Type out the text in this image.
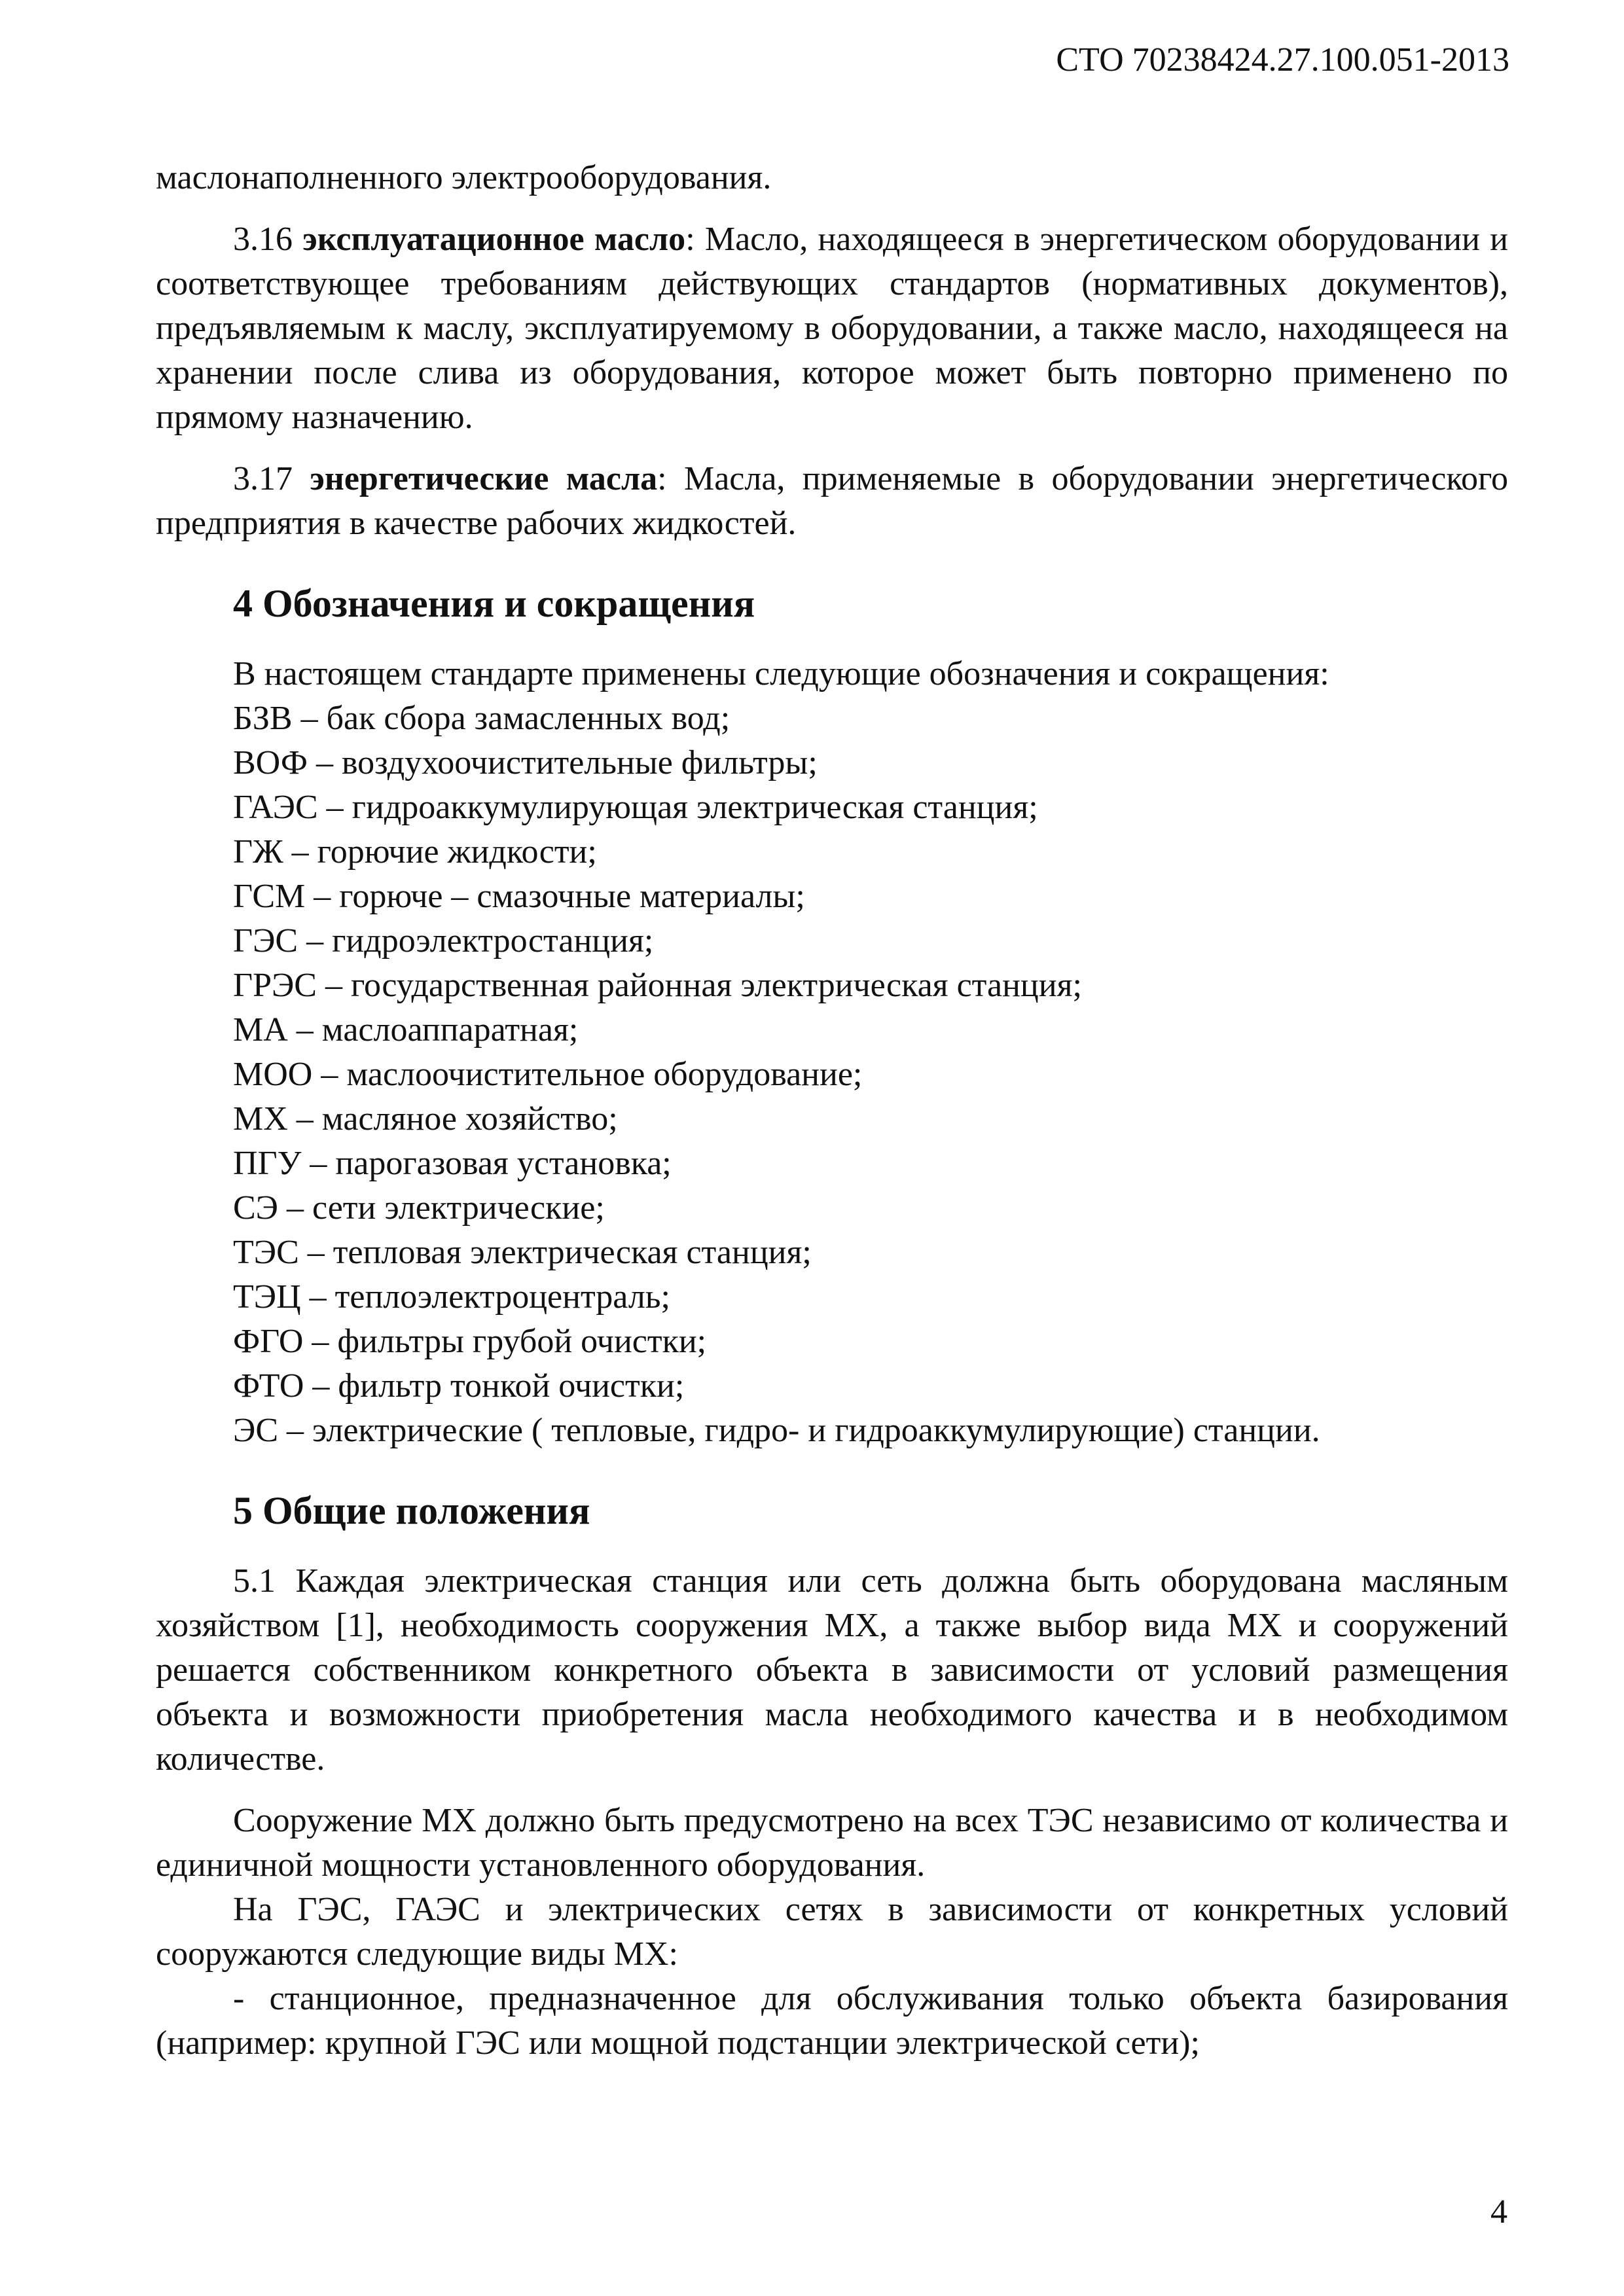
СТО 70238424.27.100.051-2013

маслонаполненного электрооборудования.

3.16 эксплуатационное масло: Масло, находящееся в энергетическом оборудовании и соответствующее требованиям действующих стандартов (нормативных документов), предъявляемым к маслу, эксплуатируемому в оборудовании, а также масло, находящееся на хранении после слива из оборудования, которое может быть повторно применено по прямому назначению.

3.17 энергетические масла: Масла, применяемые в оборудовании энергетического предприятия в качестве рабочих жидкостей.

4 Обозначения и сокращения

В настоящем стандарте применены следующие обозначения и сокращения:

БЗВ – бак сбора замасленных вод;
ВОФ – воздухоочистительные фильтры;
ГАЭС – гидроаккумулирующая электрическая станция;
ГЖ – горючие жидкости;
ГСМ – горюче – смазочные материалы;
ГЭС – гидроэлектростанция;
ГРЭС – государственная районная электрическая станция;
МА – маслоаппаратная;
МОО – маслоочистительное оборудование;
МХ – масляное хозяйство;
ПГУ – парогазовая установка;
СЭ – сети электрические;
ТЭС – тепловая электрическая станция;
ТЭЦ – теплоэлектроцентраль;
ФГО – фильтры грубой очистки;
ФТО – фильтр тонкой очистки;
ЭС – электрические ( тепловые, гидро- и гидроаккумулирующие) станции.
5 Общие положения

5.1 Каждая электрическая станция или сеть должна быть оборудована масляным хозяйством [1], необходимость сооружения МХ, а также выбор вида МХ и сооружений решается собственником конкретного объекта в зависимости от условий размещения объекта и возможности приобретения масла необходимого качества и в необходимом количестве.

Сооружение МХ должно быть предусмотрено на всех ТЭС независимо от количества и единичной мощности установленного оборудования.

На ГЭС, ГАЭС и электрических сетях в зависимости от конкретных условий сооружаются следующие виды МХ:

- станционное, предназначенное для обслуживания только объекта базирования (например: крупной ГЭС или мощной подстанции электрической сети);

4
